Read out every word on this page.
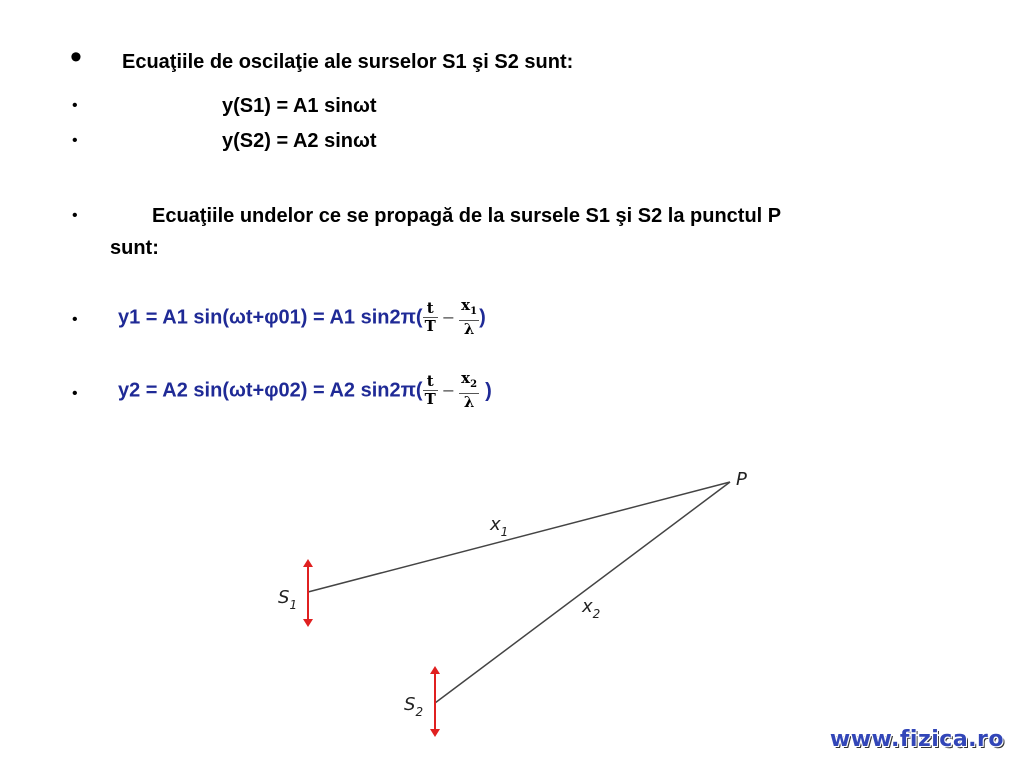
• Ecuaţiile de oscilaţie ale surselor S1 şi S2 sunt:
•	y(S1) = A1 sinωt
•	y(S2) = A2 sinωt
•	Ecuaţiile undelor ce se propagă de la sursele S1 şi S2 la punctul P
sunt:
• y1 = A1 sin(ωt+φ01) = A1 $\sin 2\pi( \frac{t}{T} - \frac{x_1}{\lambda}$ )
• y2 = A2 sin(ωt+φ02) = A2 $\sin 2\pi( \frac{t}{T} - \frac{x_2}{\lambda}$ )
P
$S_1$
$S_2$
$x_1$
$x_2$
www.fizica.ro
